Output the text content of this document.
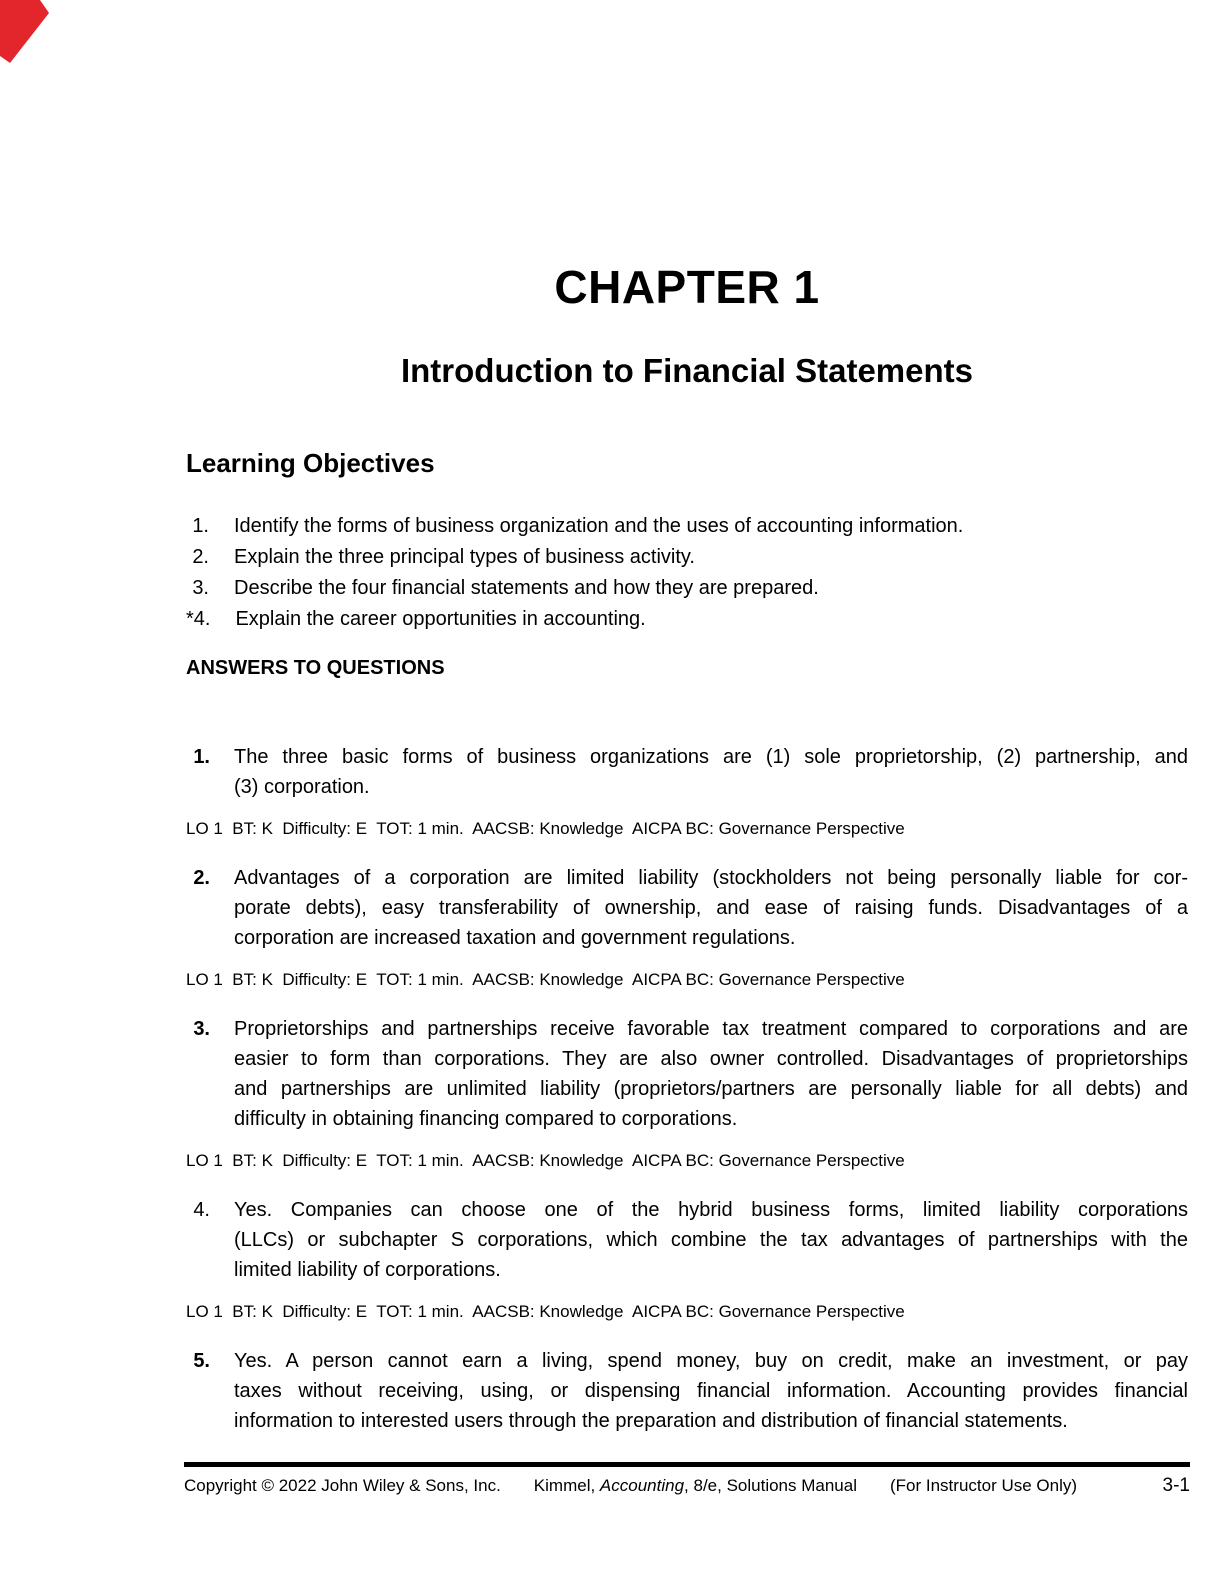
CHAPTER 1
Introduction to Financial Statements
Learning Objectives
1. Identify the forms of business organization and the uses of accounting information.
2. Explain the three principal types of business activity.
3. Describe the four financial statements and how they are prepared.
*4. Explain the career opportunities in accounting.
ANSWERS TO QUESTIONS
1. The three basic forms of business organizations are (1) sole proprietorship, (2) partnership, and
(3) corporation.
LO 1  BT: K  Difficulty: E  TOT: 1 min.  AACSB: Knowledge  AICPA BC: Governance Perspective
2. Advantages of a corporation are limited liability (stockholders not being personally liable for cor-
porate debts), easy transferability of ownership, and ease of raising funds. Disadvantages of a
corporation are increased taxation and government regulations.
LO 1  BT: K  Difficulty: E  TOT: 1 min.  AACSB: Knowledge  AICPA BC: Governance Perspective
3. Proprietorships and partnerships receive favorable tax treatment compared to corporations and are
easier to form than corporations. They are also owner controlled. Disadvantages of proprietorships
and partnerships are unlimited liability (proprietors/partners are personally liable for all debts) and
difficulty in obtaining financing compared to corporations.
LO 1  BT: K  Difficulty: E  TOT: 1 min.  AACSB: Knowledge  AICPA BC: Governance Perspective
4. Yes. Companies can choose one of the hybrid business forms, limited liability corporations
(LLCs) or subchapter S corporations, which combine the tax advantages of partnerships with the
limited liability of corporations.
LO 1  BT: K  Difficulty: E  TOT: 1 min.  AACSB: Knowledge  AICPA BC: Governance Perspective
5. Yes. A person cannot earn a living, spend money, buy on credit, make an investment, or pay
taxes without receiving, using, or dispensing financial information. Accounting provides financial
information to interested users through the preparation and distribution of financial statements.
Copyright © 2022 John Wiley & Sons, Inc. Kimmel, Accounting, 8/e, Solutions Manual (For Instructor Use Only)	3-1
